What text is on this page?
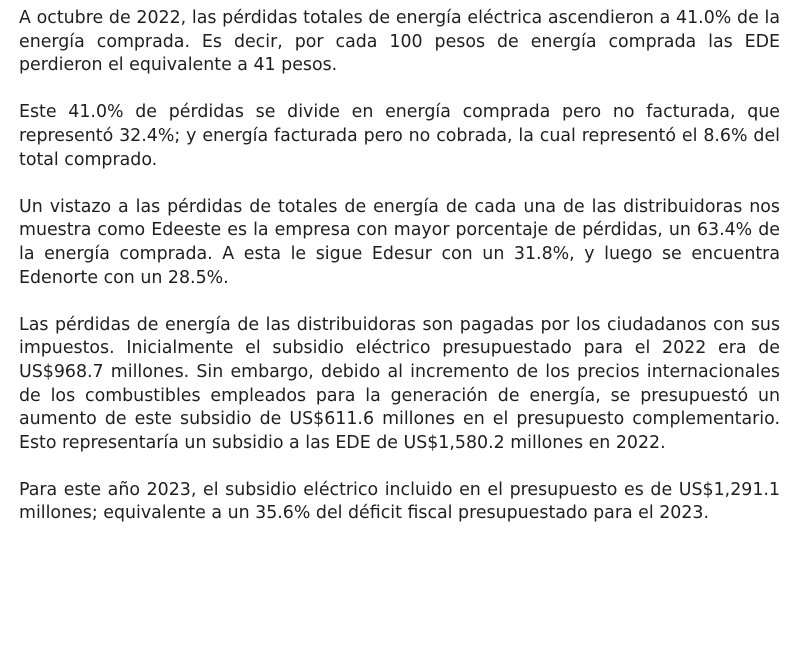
A octubre de 2022, las pérdidas totales de energía eléctrica ascendieron a 41.0% de la energía comprada. Es decir, por cada 100 pesos de energía comprada las EDE perdieron el equivalente a 41 pesos.

Este 41.0% de pérdidas se divide en energía comprada pero no facturada, que representó 32.4%; y energía facturada pero no cobrada, la cual representó el 8.6% del total comprado.

Un vistazo a las pérdidas de totales de energía de cada una de las distribuidoras nos muestra como Edeeste es la empresa con mayor porcentaje de pérdidas, un 63.4% de la energía comprada. A esta le sigue Edesur con un 31.8%, y luego se encuentra Edenorte con un 28.5%.

Las pérdidas de energía de las distribuidoras son pagadas por los ciudadanos con sus impuestos. Inicialmente el subsidio eléctrico presupuestado para el 2022 era de US$968.7 millones. Sin embargo, debido al incremento de los precios internacionales de los combustibles empleados para la generación de energía, se presupuestó un aumento de este subsidio de US$611.6 millones en el presupuesto complementario. Esto representaría un subsidio a las EDE de US$1,580.2 millones en 2022.

Para este año 2023, el subsidio eléctrico incluido en el presupuesto es de US$1,291.1 millones; equivalente a un 35.6% del déficit fiscal presupuestado para el 2023.
